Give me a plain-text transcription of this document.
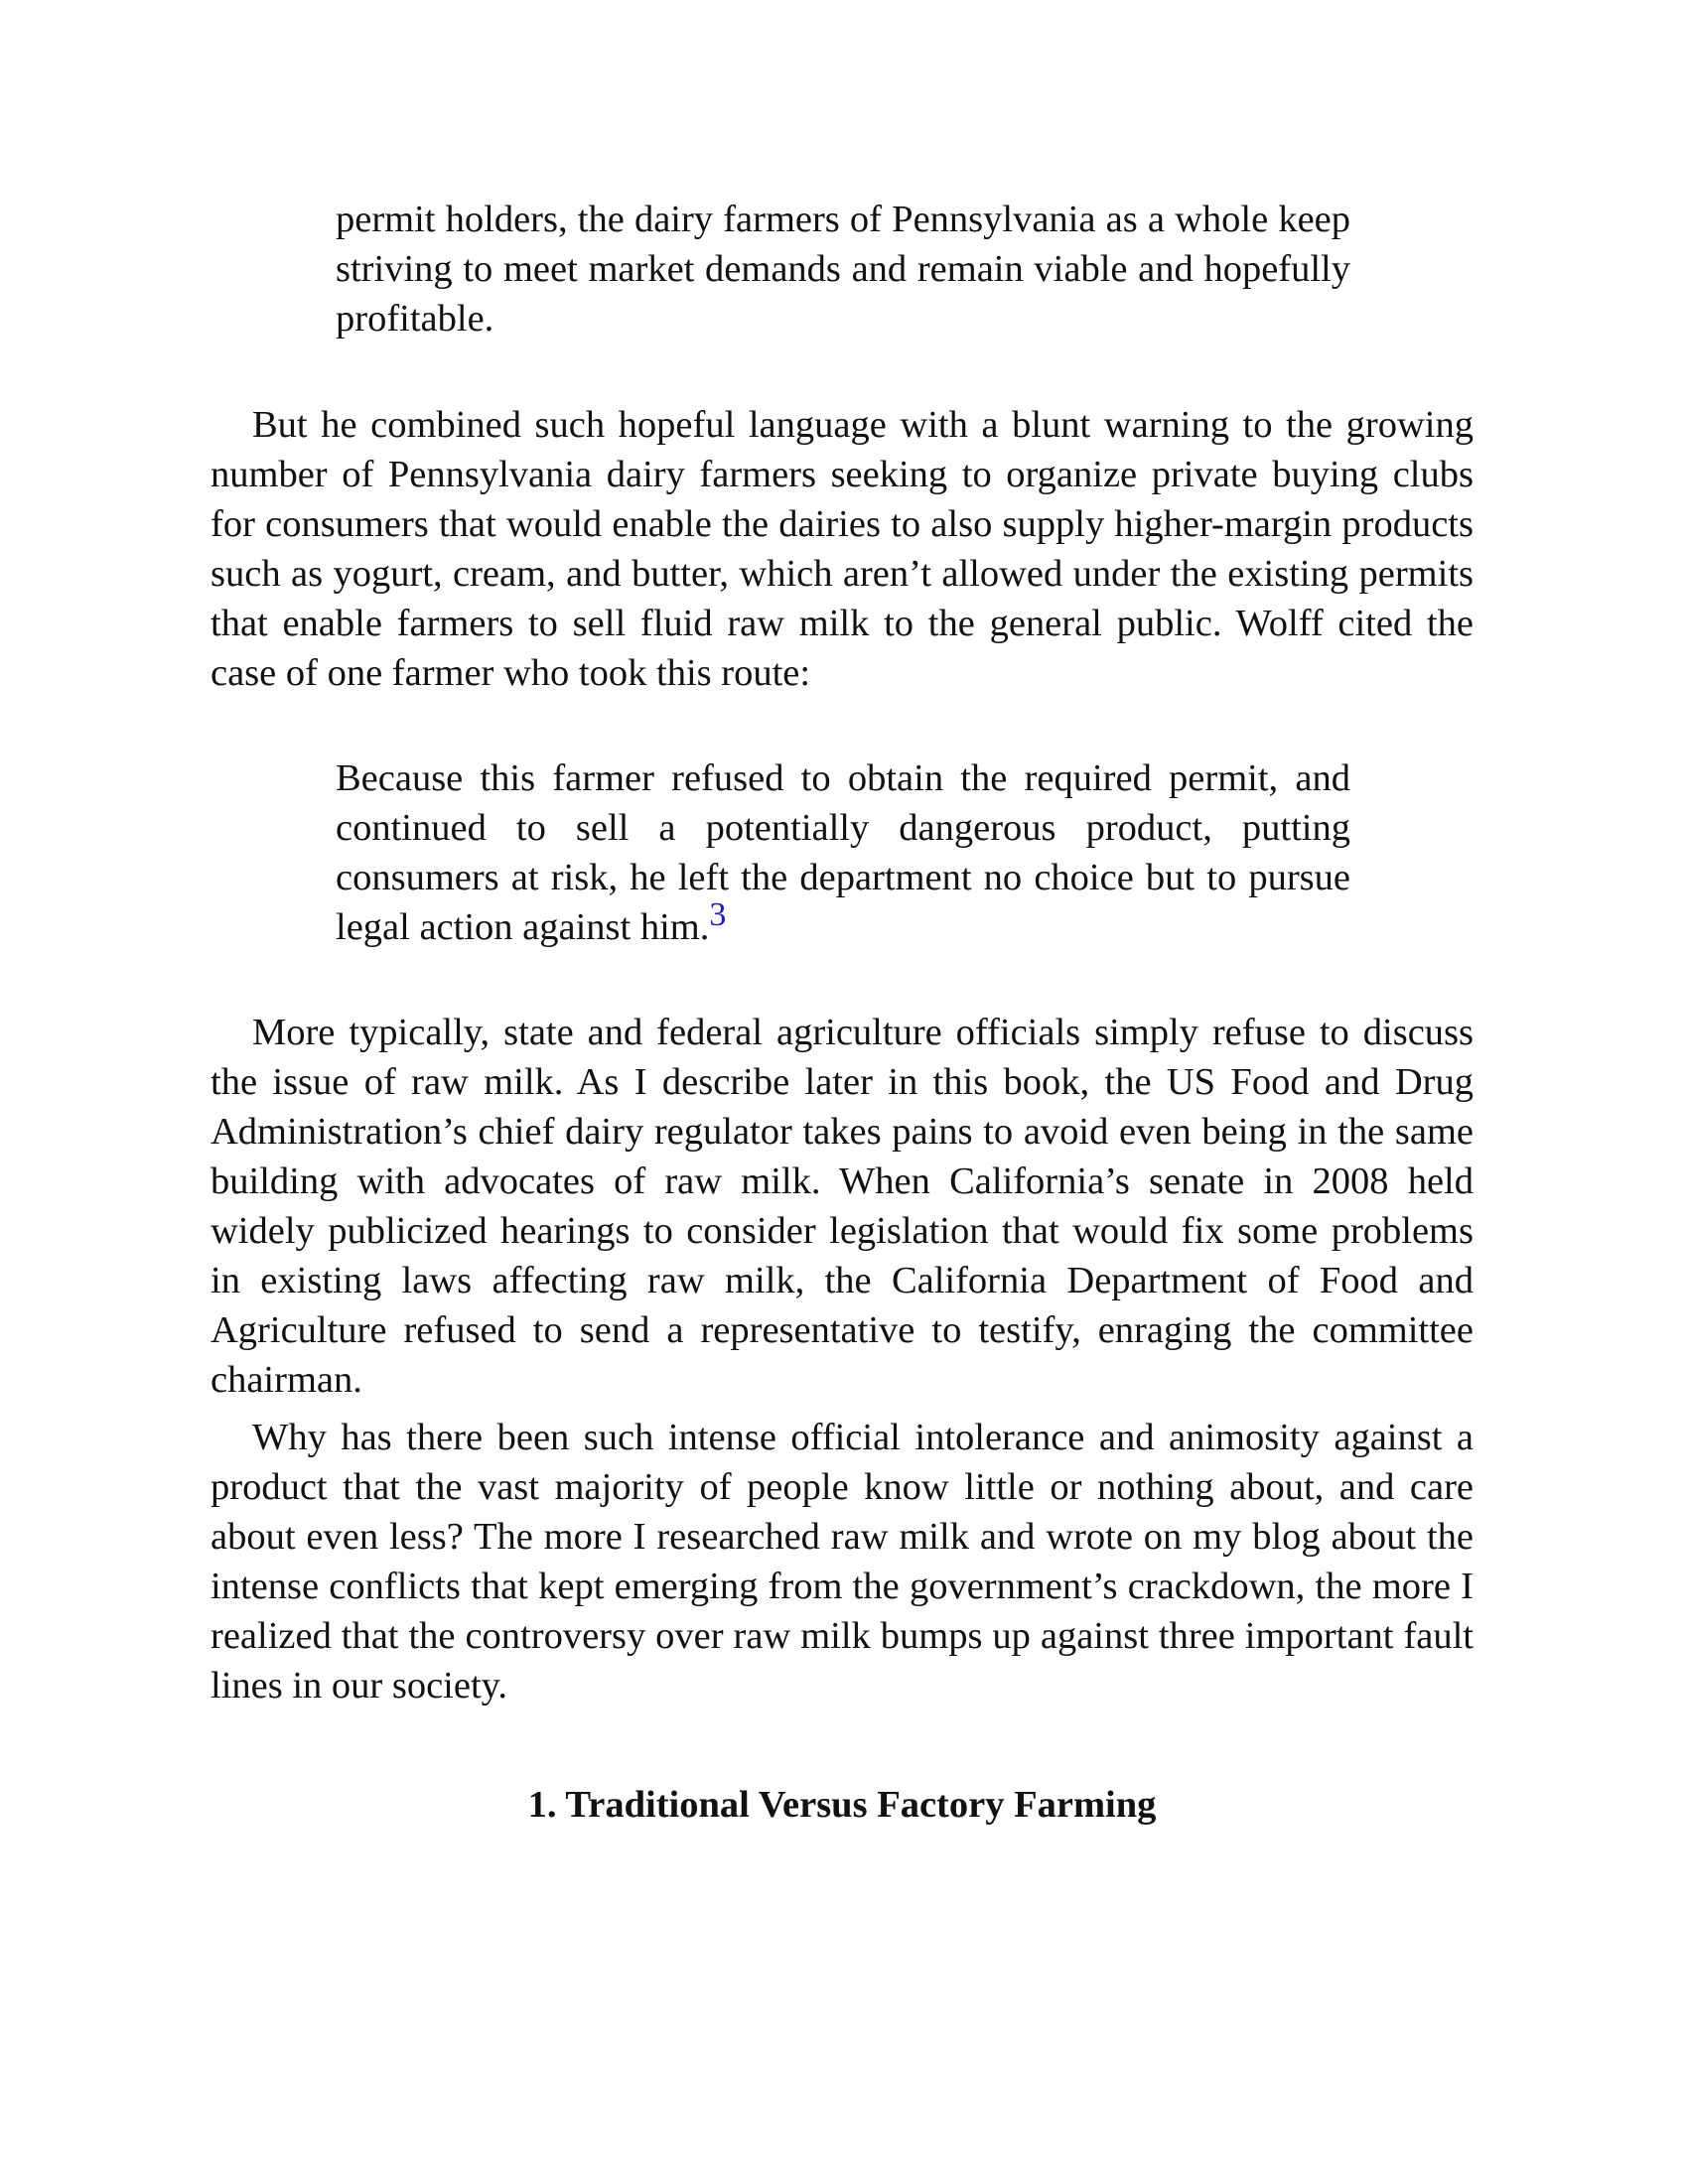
permit holders, the dairy farmers of Pennsylvania as a whole keep striving to meet market demands and remain viable and hopefully profitable.

But he combined such hopeful language with a blunt warning to the growing number of Pennsylvania dairy farmers seeking to organize private buying clubs for consumers that would enable the dairies to also supply higher-margin products such as yogurt, cream, and butter, which aren’t allowed under the existing permits that enable farmers to sell fluid raw milk to the general public. Wolff cited the case of one farmer who took this route:

Because this farmer refused to obtain the required permit, and continued to sell a potentially dangerous product, putting consumers at risk, he left the department no choice but to pursue legal action against him.$^3$

More typically, state and federal agriculture officials simply refuse to discuss the issue of raw milk. As I describe later in this book, the US Food and Drug Administration’s chief dairy regulator takes pains to avoid even being in the same building with advocates of raw milk. When California’s senate in 2008 held widely publicized hearings to consider legislation that would fix some problems in existing laws affecting raw milk, the California Department of Food and Agriculture refused to send a representative to testify, enraging the committee chairman.

Why has there been such intense official intolerance and animosity against a product that the vast majority of people know little or nothing about, and care about even less? The more I researched raw milk and wrote on my blog about the intense conflicts that kept emerging from the government’s crackdown, the more I realized that the controversy over raw milk bumps up against three important fault lines in our society.

1. Traditional Versus Factory Farming
